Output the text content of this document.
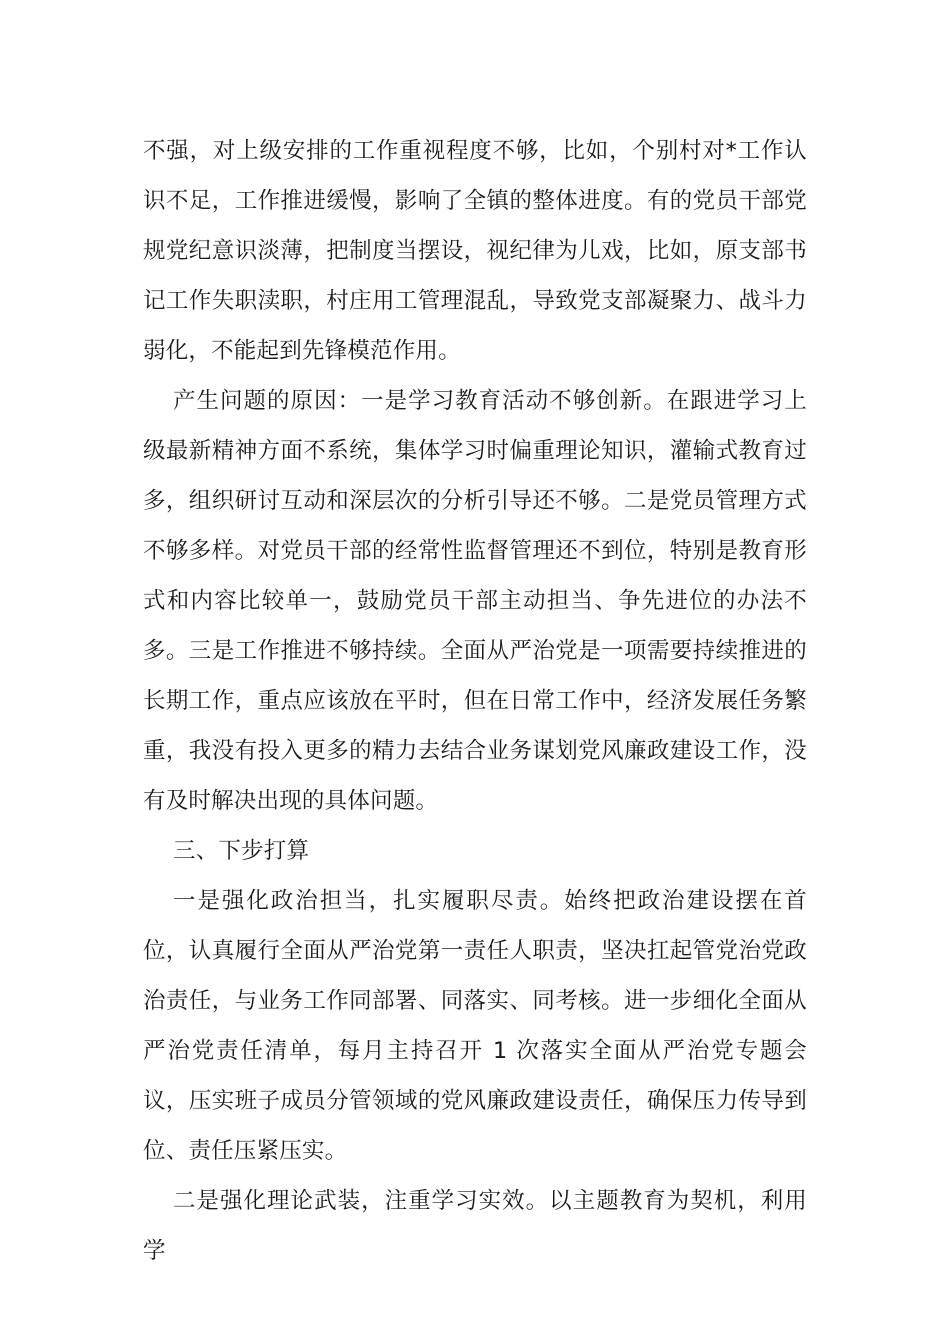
不强，对上级安排的工作重视程度不够，比如，个别村对*工作认识不足，工作推进缓慢，影响了全镇的整体进度。有的党员干部党规党纪意识淡薄，把制度当摆设，视纪律为儿戏，比如，原支部书记工作失职渎职，村庄用工管理混乱，导致党支部凝聚力、战斗力弱化，不能起到先锋模范作用。

产生问题的原因：一是学习教育活动不够创新。在跟进学习上级最新精神方面不系统，集体学习时偏重理论知识，灌输式教育过多，组织研讨互动和深层次的分析引导还不够。二是党员管理方式不够多样。对党员干部的经常性监督管理还不到位，特别是教育形式和内容比较单一，鼓励党员干部主动担当、争先进位的办法不多。三是工作推进不够持续。全面从严治党是一项需要持续推进的长期工作，重点应该放在平时，但在日常工作中，经济发展任务繁重，我没有投入更多的精力去结合业务谋划党风廉政建设工作，没有及时解决出现的具体问题。

三、下步打算

一是强化政治担当，扎实履职尽责。始终把政治建设摆在首位，认真履行全面从严治党第一责任人职责，坚决扛起管党治党政治责任，与业务工作同部署、同落实、同考核。进一步细化全面从严治党责任清单，每月主持召开 1 次落实全面从严治党专题会议，压实班子成员分管领域的党风廉政建设责任，确保压力传导到位、责任压紧压实。

二是强化理论武装，注重学习实效。以主题教育为契机，利用学
